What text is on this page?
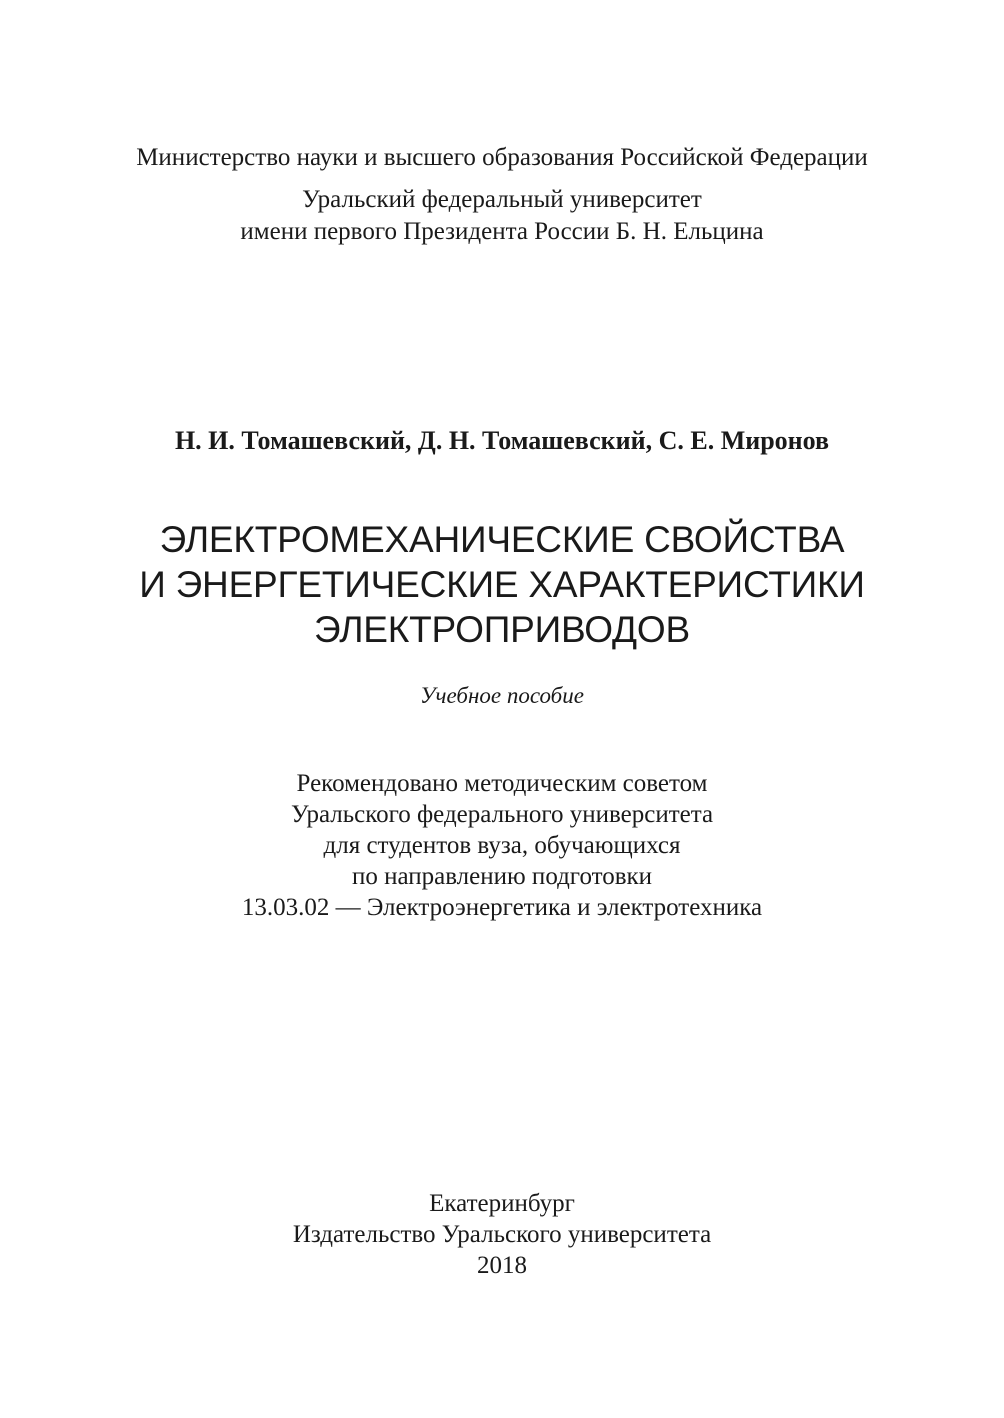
Министерство науки и высшего образования Российской Федерации
Уральский федеральный университет
имени первого Президента России Б. Н. Ельцина
Н. И. Томашевский, Д. Н. Томашевский, С. Е. Миронов
ЭЛЕКТРОМЕХАНИЧЕСКИЕ СВОЙСТВА
И ЭНЕРГЕТИЧЕСКИЕ ХАРАКТЕРИСТИКИ
ЭЛЕКТРОПРИВОДОВ
Учебное пособие
Рекомендовано методическим советом
Уральского федерального университета
для студентов вуза, обучающихся
по направлению подготовки
13.03.02 — Электроэнергетика и электротехника
Екатеринбург
Издательство Уральского университета
2018
